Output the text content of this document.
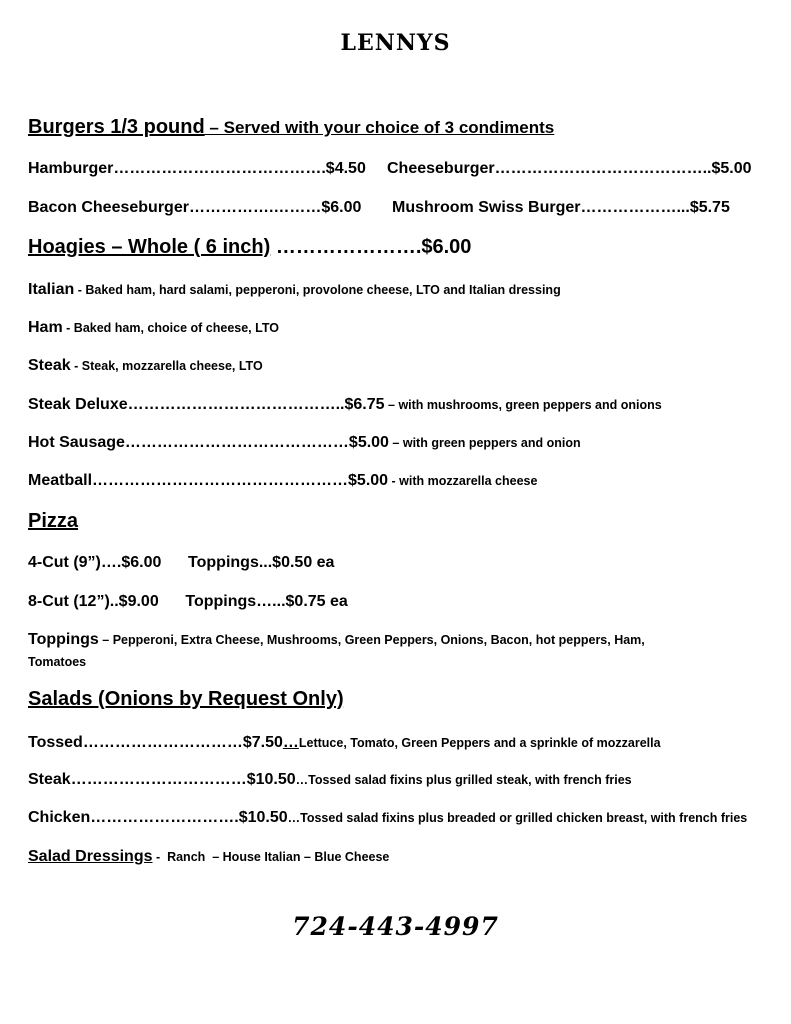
LENNYS
Burgers 1/3 pound – Served with your choice of 3 condiments
Hamburger………………………………….$4.50 Cheeseburger…………………………………..$5.00
Bacon Cheeseburger…………….………$6.00 Mushroom Swiss Burger………………...$5.75
Hoagies – Whole ( 6 inch) ………………….$6.00
Italian - Baked ham, hard salami, pepperoni, provolone cheese, LTO and Italian dressing
Ham - Baked ham, choice of cheese, LTO
Steak - Steak, mozzarella cheese, LTO
Steak Deluxe…………………………………..$6.75 – with mushrooms, green peppers and onions
Hot Sausage……………………………………$5.00 – with green peppers and onion
Meatball…………………………………………$5.00 - with mozzarella cheese
Pizza
4-Cut (9”)….$6.00      Toppings...$0.50 ea
8-Cut (12”)..$9.00      Toppings…...$0.75 ea
Toppings – Pepperoni, Extra Cheese, Mushrooms, Green Peppers, Onions, Bacon, hot peppers, Ham,
Tomatoes
Salads (Onions by Request Only)
Tossed…………………………$7.50…Lettuce, Tomato, Green Peppers and a sprinkle of mozzarella
Steak……………………………$10.50…Tossed salad fixins plus grilled steak, with french fries
Chicken……………………….$10.50…Tossed salad fixins plus breaded or grilled chicken breast, with french fries
Salad Dressings -  Ranch  – House Italian – Blue Cheese
724-443-4997
